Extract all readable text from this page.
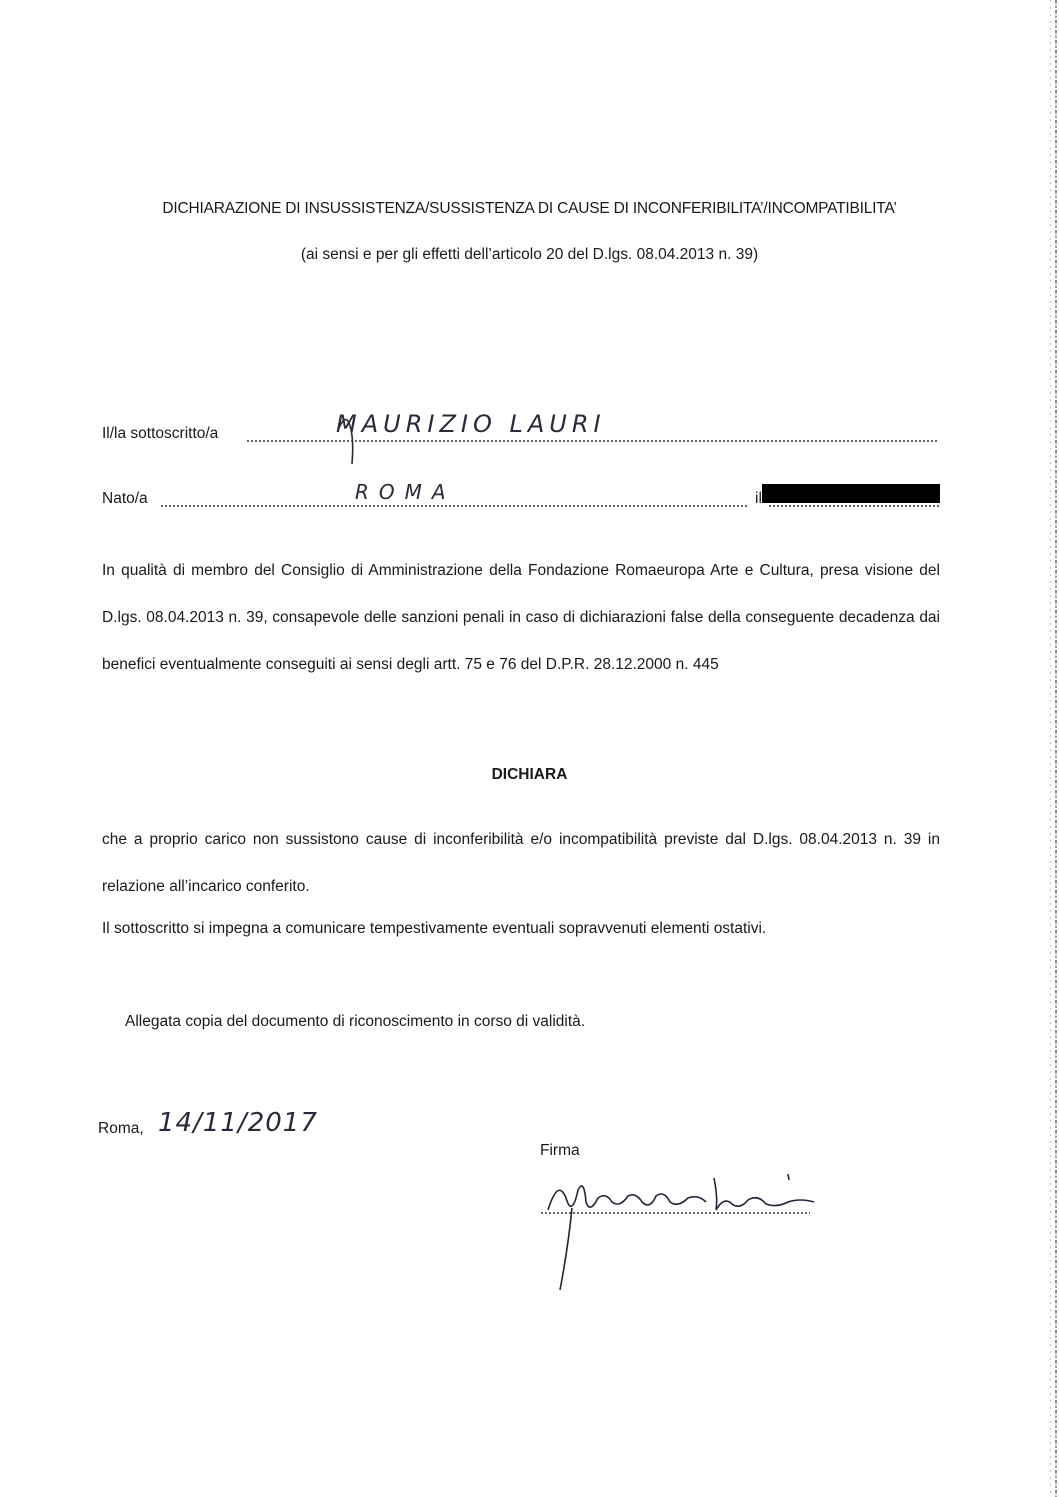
DICHIARAZIONE DI INSUSSISTENZA/SUSSISTENZA DI CAUSE DI INCONFERIBILITA’/INCOMPATIBILITA’
(ai sensi e per gli effetti dell’articolo 20 del D.lgs. 08.04.2013 n. 39)
Il/la sottoscritto/a	MAURIZIO LAURI
Nato/a	ROMA	il
In qualità di membro del Consiglio di Amministrazione della Fondazione Romaeuropa Arte e Cultura, presa visione del D.lgs. 08.04.2013 n. 39, consapevole delle sanzioni penali in caso di dichiarazioni false della conseguente decadenza dai benefici eventualmente conseguiti ai sensi degli artt. 75 e 76 del D.P.R. 28.12.2000 n. 445
DICHIARA
che a proprio carico non sussistono cause di inconferibilità e/o incompatibilità previste dal D.lgs. 08.04.2013 n. 39 in relazione all’incarico conferito.
Il sottoscritto si impegna a comunicare tempestivamente eventuali sopravvenuti elementi ostativi.
Allegata copia del documento di riconoscimento in corso di validità.
Roma, 14/11/2017
Firma
